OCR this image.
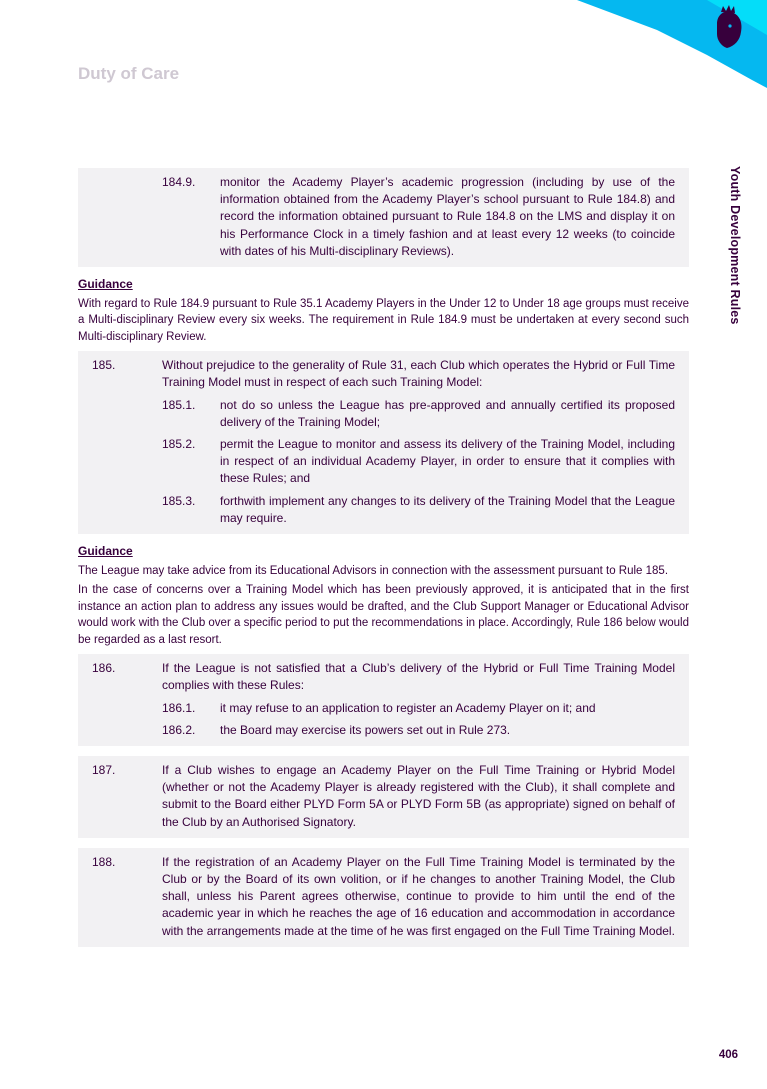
Duty of Care
Youth Development Rules
184.9.	monitor the Academy Player’s academic progression (including by use of the information obtained from the Academy Player’s school pursuant to Rule 184.8) and record the information obtained pursuant to Rule 184.8 on the LMS and display it on his Performance Clock in a timely fashion and at least every 12 weeks (to coincide with dates of his Multi-disciplinary Reviews).
Guidance

With regard to Rule 184.9 pursuant to Rule 35.1 Academy Players in the Under 12 to Under 18 age groups must receive a Multi-disciplinary Review every six weeks. The requirement in Rule 184.9 must be undertaken at every second such Multi-disciplinary Review.

185.	Without prejudice to the generality of Rule 31, each Club which operates the Hybrid or Full Time Training Model must in respect of each such Training Model:
185.1.	not do so unless the League has pre-approved and annually certified its proposed delivery of the Training Model;
185.2.	permit the League to monitor and assess its delivery of the Training Model, including in respect of an individual Academy Player, in order to ensure that it complies with these Rules; and
185.3.	forthwith implement any changes to its delivery of the Training Model that the League may require.
Guidance

The League may take advice from its Educational Advisors in connection with the assessment pursuant to Rule 185.

In the case of concerns over a Training Model which has been previously approved, it is anticipated that in the first instance an action plan to address any issues would be drafted, and the Club Support Manager or Educational Advisor would work with the Club over a specific period to put the recommendations in place. Accordingly, Rule 186 below would be regarded as a last resort.

186.	If the League is not satisfied that a Club’s delivery of the Hybrid or Full Time Training Model complies with these Rules:
186.1.	it may refuse to an application to register an Academy Player on it; and
186.2.	the Board may exercise its powers set out in Rule 273.
187.	If a Club wishes to engage an Academy Player on the Full Time Training or Hybrid Model (whether or not the Academy Player is already registered with the Club), it shall complete and submit to the Board either PLYD Form 5A or PLYD Form 5B (as appropriate) signed on behalf of the Club by an Authorised Signatory.
188.	If the registration of an Academy Player on the Full Time Training Model is terminated by the Club or by the Board of its own volition, or if he changes to another Training Model, the Club shall, unless his Parent agrees otherwise, continue to provide to him until the end of the academic year in which he reaches the age of 16 education and accommodation in accordance with the arrangements made at the time of he was first engaged on the Full Time Training Model.
406
